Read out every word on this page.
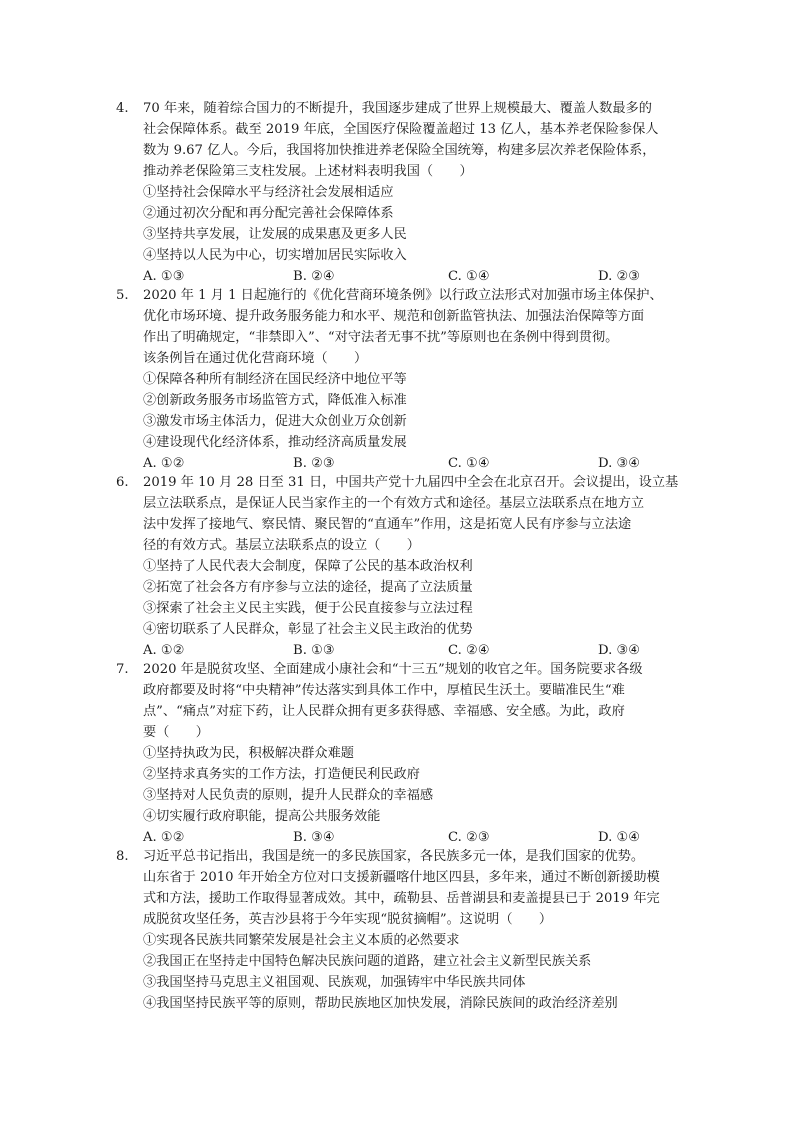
4.	70 年来，随着综合国力的不断提升，我国逐步建成了世界上规模最大、覆盖人数最多的
社会保障体系。截至 2019 年底，全国医疗保险覆盖超过 13 亿人，基本养老保险参保人
数为 9.67 亿人。今后，我国将加快推进养老保险全国统筹，构建多层次养老保险体系，
推动养老保险第三支柱发展。上述材料表明我国（　　）
①坚持社会保障水平与经济社会发展相适应
②通过初次分配和再分配完善社会保障体系
③坚持共享发展，让发展的成果惠及更多人民
④坚持以人民为中心，切实增加居民实际收入
A. ①③	B. ②④	C. ①④	D. ②③
5.	2020 年 1 月 1 日起施行的《优化营商环境条例》以行政立法形式对加强市场主体保护、
优化市场环境、提升政务服务能力和水平、规范和创新监管执法、加强法治保障等方面
作出了明确规定，“非禁即入”、“对守法者无事不扰”等原则也在条例中得到贯彻。
该条例旨在通过优化营商环境（　　）
①保障各种所有制经济在国民经济中地位平等
②创新政务服务市场监管方式，降低准入标准
③激发市场主体活力，促进大众创业万众创新
④建设现代化经济体系，推动经济高质量发展
A. ①②	B. ②③	C. ①④	D. ③④
6.	2019 年 10 月 28 日至 31 日，中国共产党十九届四中全会在北京召开。会议提出，设立基
层立法联系点，是保证人民当家作主的一个有效方式和途径。基层立法联系点在地方立
法中发挥了接地气、察民情、聚民智的“直通车”作用，这是拓宽人民有序参与立法途
径的有效方式。基层立法联系点的设立（　　）
①坚持了人民代表大会制度，保障了公民的基本政治权利
②拓宽了社会各方有序参与立法的途径，提高了立法质量
③探索了社会主义民主实践，便于公民直接参与立法过程
④密切联系了人民群众，彰显了社会主义民主政治的优势
A. ①②	B. ①③	C. ②④	D. ③④
7.	2020 年是脱贫攻坚、全面建成小康社会和“十三五”规划的收官之年。国务院要求各级
政府都要及时将“中央精神”传达落实到具体工作中，厚植民生沃土。要瞄准民生“难
点”、“痛点”对症下药，让人民群众拥有更多获得感、幸福感、安全感。为此，政府
要（　　）
①坚持执政为民，积极解决群众难题
②坚持求真务实的工作方法，打造便民利民政府
③坚持对人民负责的原则，提升人民群众的幸福感
④切实履行政府职能，提高公共服务效能
A. ①②	B. ③④	C. ②③	D. ①④
8.	习近平总书记指出，我国是统一的多民族国家，各民族多元一体，是我们国家的优势。
山东省于 2010 年开始全方位对口支援新疆喀什地区四县，多年来，通过不断创新援助模
式和方法，援助工作取得显著成效。其中，疏勒县、岳普湖县和麦盖提县已于 2019 年完
成脱贫攻坚任务，英吉沙县将于今年实现“脱贫摘帽”。这说明（　　）
①实现各民族共同繁荣发展是社会主义本质的必然要求
②我国正在坚持走中国特色解决民族问题的道路，建立社会主义新型民族关系
③我国坚持马克思主义祖国观、民族观，加强铸牢中华民族共同体
④我国坚持民族平等的原则，帮助民族地区加快发展，消除民族间的政治经济差别
